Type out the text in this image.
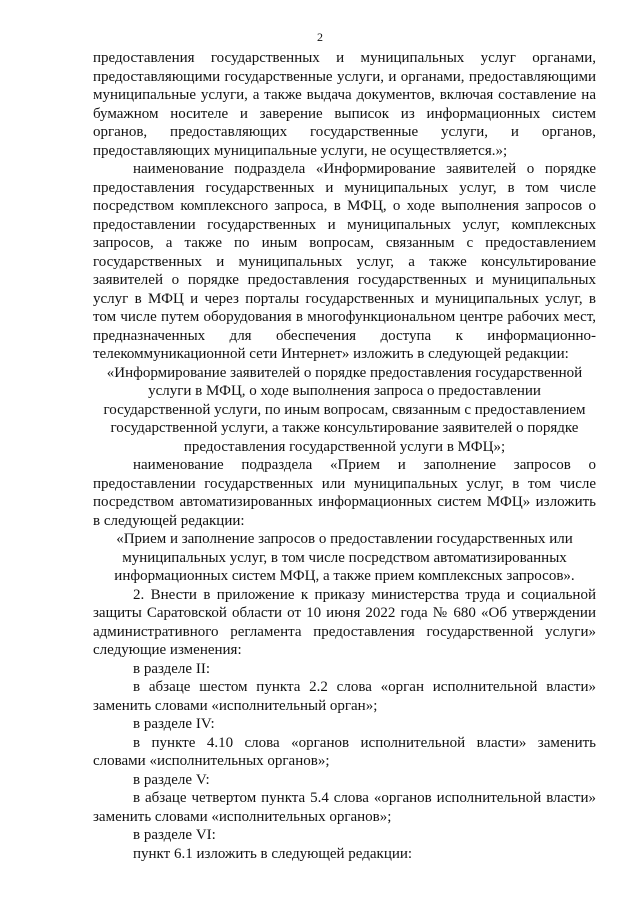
2

предоставления государственных и муниципальных услуг органами, предоставляющими государственные услуги, и органами, предоставляющими муниципальные услуги, а также выдача документов, включая составление на бумажном носителе и заверение выписок из информационных систем органов, предоставляющих государственные услуги, и органов, предоставляющих муниципальные услуги, не осуществляется.»;

наименование подраздела «Информирование заявителей о порядке предоставления государственных и муниципальных услуг, в том числе посредством комплексного запроса, в МФЦ, о ходе выполнения запросов о предоставлении государственных и муниципальных услуг, комплексных запросов, а также по иным вопросам, связанным с предоставлением государственных и муниципальных услуг, а также консультирование заявителей о порядке предоставления государственных и муниципальных услуг в МФЦ и через порталы государственных и муниципальных услуг, в том числе путем оборудования в многофункциональном центре рабочих мест, предназначенных для обеспечения доступа к информационно-телекоммуникационной сети Интернет» изложить в следующей редакции:

«Информирование заявителей о порядке предоставления государственной услуги в МФЦ, о ходе выполнения запроса о предоставлении государственной услуги, по иным вопросам, связанным с предоставлением государственной услуги, а также консультирование заявителей о порядке предоставления государственной услуги в МФЦ»;

наименование подраздела «Прием и заполнение запросов о предоставлении государственных или муниципальных услуг, в том числе посредством автоматизированных информационных систем МФЦ» изложить в следующей редакции:

«Прием и заполнение запросов о предоставлении государственных или муниципальных услуг, в том числе посредством автоматизированных информационных систем МФЦ, а также прием комплексных запросов».

2. Внести в приложение к приказу министерства труда и социальной защиты Саратовской области от 10 июня 2022 года № 680 «Об утверждении административного регламента предоставления государственной услуги» следующие изменения:

в разделе II:

в абзаце шестом пункта 2.2 слова «орган исполнительной власти» заменить словами «исполнительный орган»;

в разделе IV:

в пункте 4.10 слова «органов исполнительной власти» заменить словами «исполнительных органов»;

в разделе V:

в абзаце четвертом пункта 5.4 слова «органов исполнительной власти» заменить словами «исполнительных органов»;

в разделе VI:

пункт 6.1 изложить в следующей редакции:
